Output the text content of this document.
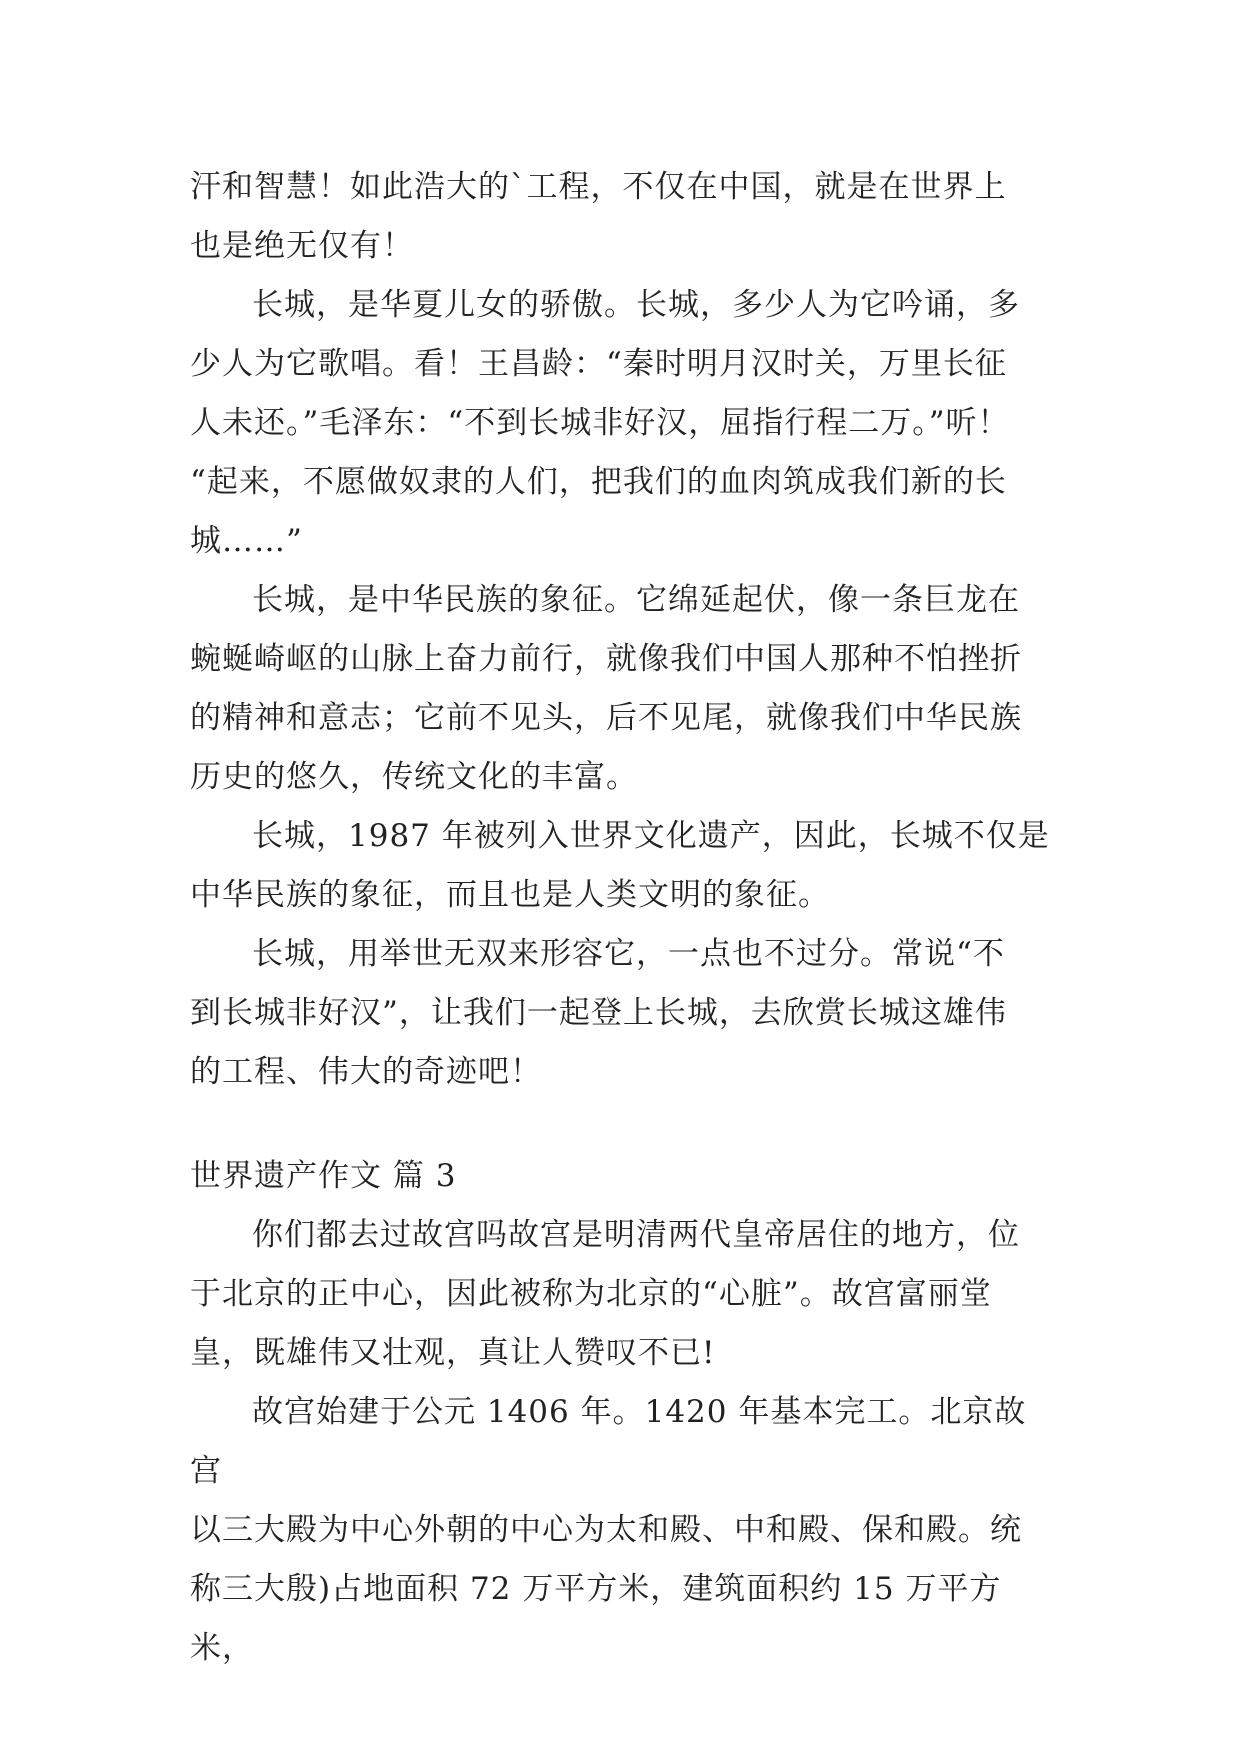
汗和智慧！如此浩大的`工程，不仅在中国，就是在世界上
也是绝无仅有！

长城，是华夏儿女的骄傲。长城，多少人为它吟诵，多
少人为它歌唱。看！王昌龄：“秦时明月汉时关，万里长征
人未还。”毛泽东：“不到长城非好汉，屈指行程二万。”听！
“起来，不愿做奴隶的人们，把我们的血肉筑成我们新的长
城……”

长城，是中华民族的象征。它绵延起伏，像一条巨龙在
蜿蜒崎岖的山脉上奋力前行，就像我们中国人那种不怕挫折
的精神和意志；它前不见头，后不见尾，就像我们中华民族
历史的悠久，传统文化的丰富。

长城，1987 年被列入世界文化遗产，因此，长城不仅是
中华民族的象征，而且也是人类文明的象征。

长城，用举世无双来形容它，一点也不过分。常说“不
到长城非好汉”，让我们一起登上长城，去欣赏长城这雄伟
的工程、伟大的奇迹吧！

世界遗产作文 篇 3

你们都去过故宫吗故宫是明清两代皇帝居住的地方，位
于北京的正中心，因此被称为北京的“心脏”。故宫富丽堂
皇，既雄伟又壮观，真让人赞叹不已!

故宫始建于公元 1406 年。1420 年基本完工。北京故宫
以三大殿为中心外朝的中心为太和殿、中和殿、保和殿。统
称三大殷)占地面积 72 万平方米，建筑面积约 15 万平方米，
